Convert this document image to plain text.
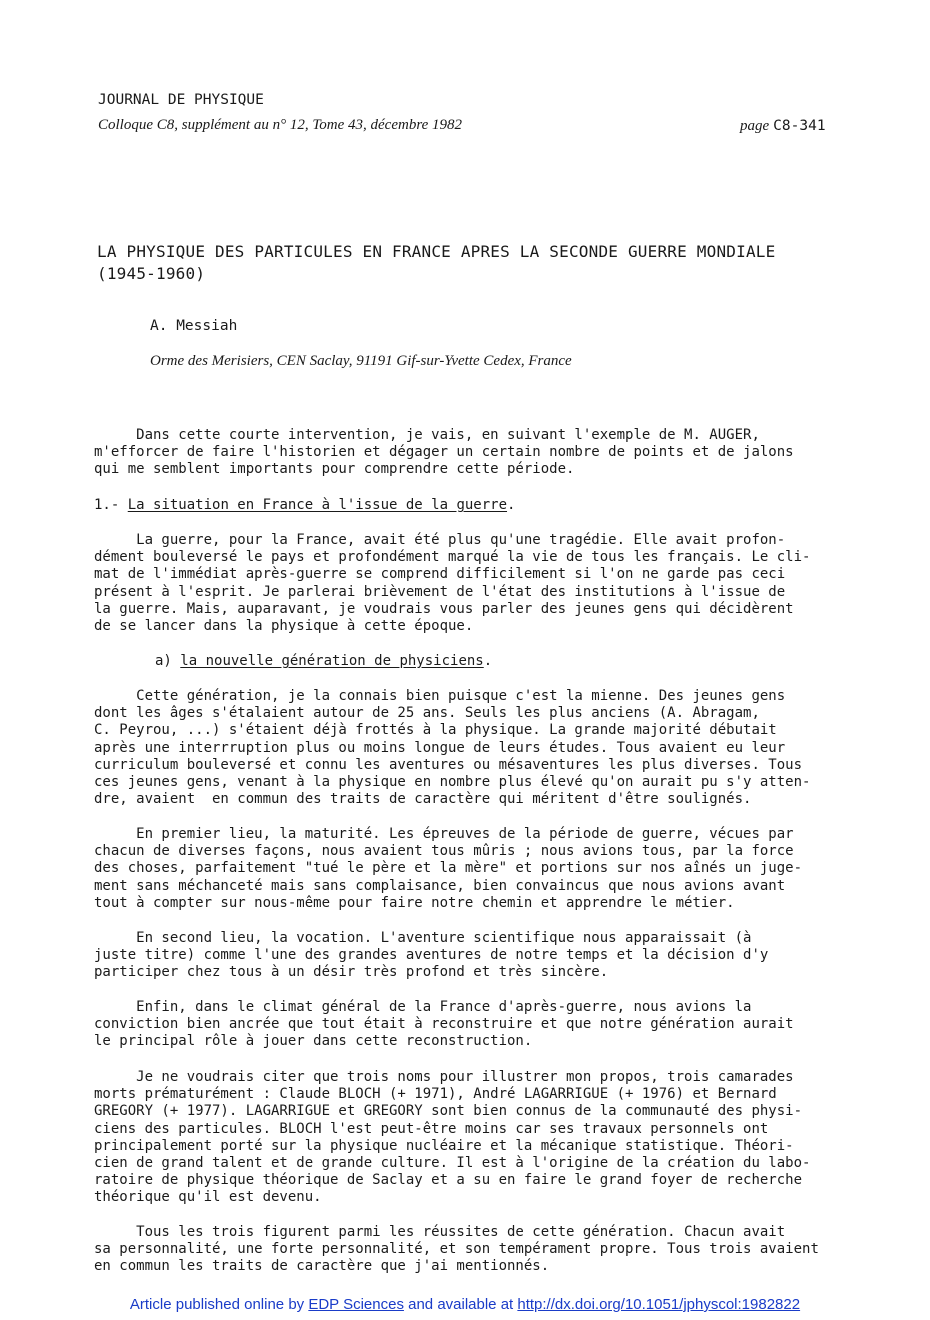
JOURNAL DE PHYSIQUE
Colloque C8, supplément au n° 12, Tome 43, décembre 1982	page C8-341
LA PHYSIQUE DES PARTICULES EN FRANCE APRES LA SECONDE GUERRE MONDIALE
(1945-1960)
A. Messiah
Orme des Merisiers, CEN Saclay, 91191 Gif-sur-Yvette Cedex, France
Dans cette courte intervention, je vais, en suivant l'exemple de M. AUGER,
m'efforcer de faire l'historien et dégager un certain nombre de points et de jalons
qui me semblent importants pour comprendre cette période.
1.- La situation en France à l'issue de la guerre.
La guerre, pour la France, avait été plus qu'une tragédie. Elle avait profon-
dément bouleversé le pays et profondément marqué la vie de tous les français. Le cli-
mat de l'immédiat après-guerre se comprend difficilement si l'on ne garde pas ceci
présent à l'esprit. Je parlerai brièvement de l'état des institutions à l'issue de
la guerre. Mais, auparavant, je voudrais vous parler des jeunes gens qui décidèrent
de se lancer dans la physique à cette époque.
a) la nouvelle génération de physiciens.
Cette génération, je la connais bien puisque c'est la mienne. Des jeunes gens
dont les âges s'étalaient autour de 25 ans. Seuls les plus anciens (A. Abragam,
C. Peyrou, ...) s'étaient déjà frottés à la physique. La grande majorité débutait
après une interrruption plus ou moins longue de leurs études. Tous avaient eu leur
curriculum bouleversé et connu les aventures ou mésaventures les plus diverses. Tous
ces jeunes gens, venant à la physique en nombre plus élevé qu'on aurait pu s'y atten-
dre, avaient  en commun des traits de caractère qui méritent d'être soulignés.
En premier lieu, la maturité. Les épreuves de la période de guerre, vécues par
chacun de diverses façons, nous avaient tous mûris ; nous avions tous, par la force
des choses, parfaitement "tué le père et la mère" et portions sur nos aînés un juge-
ment sans méchanceté mais sans complaisance, bien convaincus que nous avions avant
tout à compter sur nous-même pour faire notre chemin et apprendre le métier.
En second lieu, la vocation. L'aventure scientifique nous apparaissait (à
juste titre) comme l'une des grandes aventures de notre temps et la décision d'y
participer chez tous à un désir très profond et très sincère.
Enfin, dans le climat général de la France d'après-guerre, nous avions la
conviction bien ancrée que tout était à reconstruire et que notre génération aurait
le principal rôle à jouer dans cette reconstruction.
Je ne voudrais citer que trois noms pour illustrer mon propos, trois camarades
morts prématurément : Claude BLOCH (+ 1971), André LAGARRIGUE (+ 1976) et Bernard
GREGORY (+ 1977). LAGARRIGUE et GREGORY sont bien connus de la communauté des physi-
ciens des particules. BLOCH l'est peut-être moins car ses travaux personnels ont
principalement porté sur la physique nucléaire et la mécanique statistique. Théori-
cien de grand talent et de grande culture. Il est à l'origine de la création du labo-
ratoire de physique théorique de Saclay et a su en faire le grand foyer de recherche
théorique qu'il est devenu.
Tous les trois figurent parmi les réussites de cette génération. Chacun avait
sa personnalité, une forte personnalité, et son tempérament propre. Tous trois avaient
en commun les traits de caractère que j'ai mentionnés.
Article published online by EDP Sciences and available at http://dx.doi.org/10.1051/jphyscol:1982822
